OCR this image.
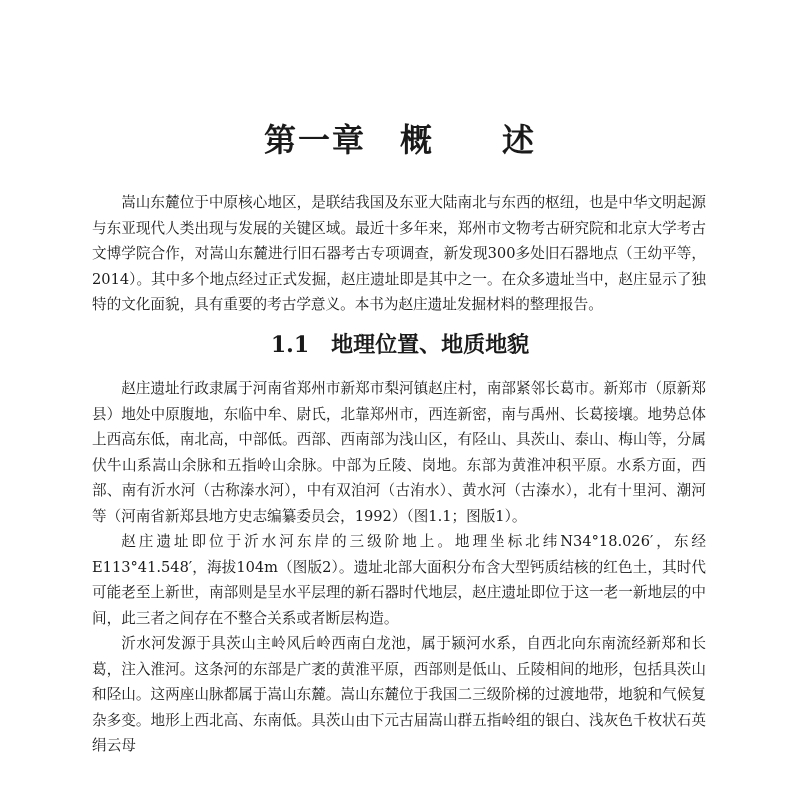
第一章　概　　述

嵩山东麓位于中原核心地区，是联结我国及东亚大陆南北与东西的枢纽，也是中华文明起源与东亚现代人类出现与发展的关键区域。最近十多年来，郑州市文物考古研究院和北京大学考古文博学院合作，对嵩山东麓进行旧石器考古专项调查，新发现300多处旧石器地点（王幼平等，2014）。其中多个地点经过正式发掘，赵庄遗址即是其中之一。在众多遗址当中，赵庄显示了独特的文化面貌，具有重要的考古学意义。本书为赵庄遗址发掘材料的整理报告。

1.1　地理位置、地质地貌

赵庄遗址行政隶属于河南省郑州市新郑市梨河镇赵庄村，南部紧邻长葛市。新郑市（原新郑县）地处中原腹地，东临中牟、尉氏，北靠郑州市，西连新密，南与禹州、长葛接壤。地势总体上西高东低，南北高，中部低。西部、西南部为浅山区，有陉山、具茨山、泰山、梅山等，分属伏牛山系嵩山余脉和五指岭山余脉。中部为丘陵、岗地。东部为黄淮冲积平原。水系方面，西部、南有沂水河（古称溱水河），中有双洎河（古洧水）、黄水河（古溱水），北有十里河、潮河等（河南省新郑县地方史志编纂委员会，1992）（图1.1；图版1）。

赵庄遗址即位于沂水河东岸的三级阶地上。地理坐标北纬N34°18.026′，东经E113°41.548′，海拔104m（图版2）。遗址北部大面积分布含大型钙质结核的红色土，其时代可能老至上新世，南部则是呈水平层理的新石器时代地层，赵庄遗址即位于这一老一新地层的中间，此三者之间存在不整合关系或者断层构造。

沂水河发源于具茨山主岭风后岭西南白龙池，属于颍河水系，自西北向东南流经新郑和长葛，注入淮河。这条河的东部是广袤的黄淮平原，西部则是低山、丘陵相间的地形，包括具茨山和陉山。这两座山脉都属于嵩山东麓。嵩山东麓位于我国二三级阶梯的过渡地带，地貌和气候复杂多变。地形上西北高、东南低。具茨山由下元古届嵩山群五指岭组的银白、浅灰色千枚状石英绢云母
